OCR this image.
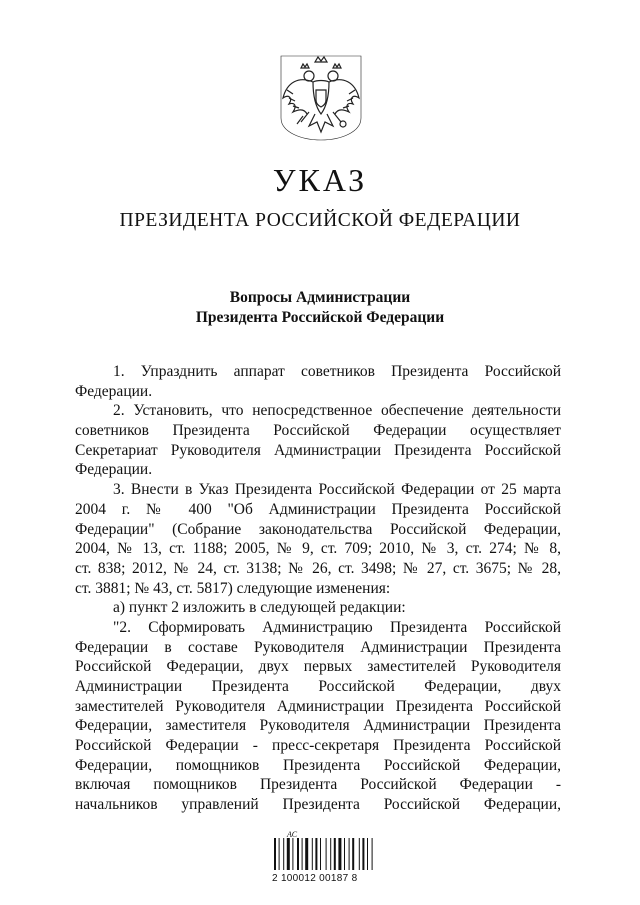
УКАЗ
ПРЕЗИДЕНТА РОССИЙСКОЙ ФЕДЕРАЦИИ
Вопросы Администрации
Президента Российской Федерации
1. Упразднить аппарат советников Президента Российской
Федерации.
2. Установить, что непосредственное обеспечение деятельности
советников Президента Российской Федерации осуществляет
Секретариат Руководителя Администрации Президента Российской
Федерации.
3. Внести в Указ Президента Российской Федерации от 25 марта
2004 г. № 400 "Об Администрации Президента Российской
Федерации" (Собрание законодательства Российской Федерации,
2004, № 13, ст. 1188; 2005, № 9, ст. 709; 2010, № 3, ст. 274; № 8,
ст. 838; 2012, № 24, ст. 3138; № 26, ст. 3498; № 27, ст. 3675; № 28,
ст. 3881; № 43, ст. 5817) следующие изменения:
а) пункт 2 изложить в следующей редакции:
"2. Сформировать Администрацию Президента Российской
Федерации в составе Руководителя Администрации Президента
Российской Федерации, двух первых заместителей Руководителя
Администрации Президента Российской Федерации, двух
заместителей Руководителя Администрации Президента Российской
Федерации, заместителя Руководителя Администрации Президента
Российской Федерации - пресс-секретаря Президента Российской
Федерации, помощников Президента Российской Федерации,
включая помощников Президента Российской Федерации -
начальников управлений Президента Российской Федерации,
АС
2 100012 00187 8
